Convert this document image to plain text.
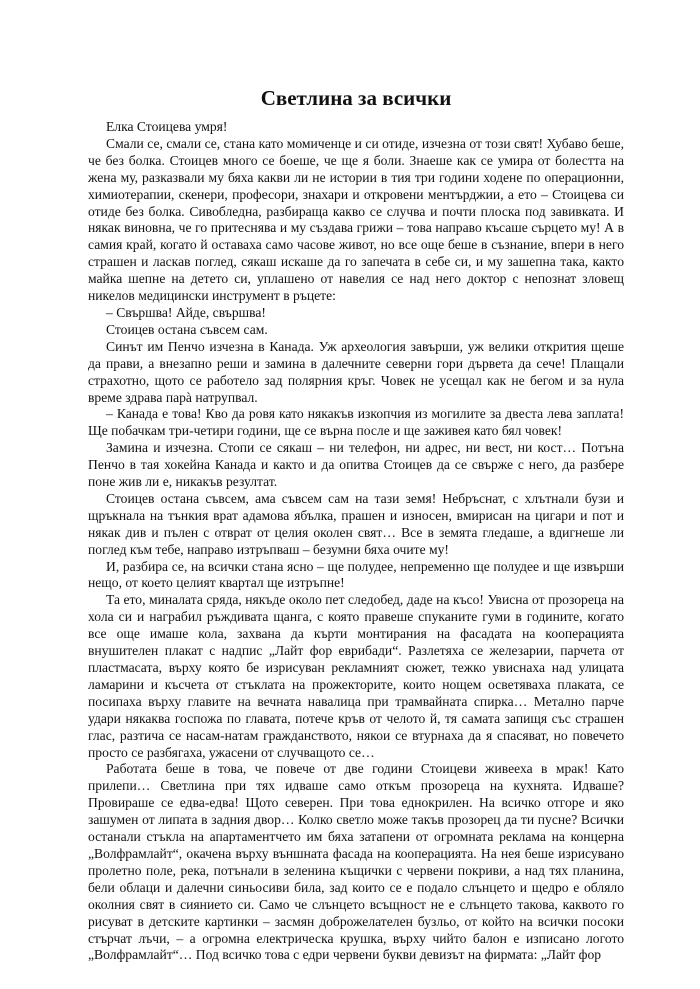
Светлина за всички

Елка Стоицева умря!

Смали се, смали се, стана като момиченце и си отиде, изчезна от този свят! Хубаво беше, че без болка. Стоицев много се боеше, че ще я боли. Знаеше как се умира от болестта на жена му, разказвали му бяха какви ли не истории в тия три години ходене по операционни, химиотерапии, скенери, професори, знахари и откровени ментърджии, а ето – Стоицева си отиде без болка. Сивобледна, разбираща какво се случва и почти плоска под завивката. И някак виновна, че го притеснява и му създава грижи – това направо късаше сърцето му! А в самия край, когато й оставаха само часове живот, но все още беше в съзнание, впери в него страшен и ласкав поглед, сякаш искаше да го запечата в себе си, и му зашепна така, както майка шепне на детето си, уплашено от навелия се над него доктор с непознат зловещ никелов медицински инструмент в ръцете:

– Свършва! Айде, свършва!

Стоицев остана съвсем сам.

Синът им Пенчо изчезна в Канада. Уж археология завърши, уж велики открития щеше да прави, а внезапно реши и замина в далечните северни гори дървета да сече! Плащали страхотно, щото се работело зад полярния кръг. Човек не усещал как не бегом и за нула време здрава парà натрупвал.

– Канада е това! Кво да ровя като някакъв изкопчия из могилите за двеста лева заплата! Ще побачкам три-четири години, ще се върна после и ще заживея като бял човек!

Замина и изчезна. Стопи се сякаш – ни телефон, ни адрес, ни вест, ни кост… Потъна Пенчо в тая хокейна Канада и както и да опитва Стоицев да се свърже с него, да разбере поне жив ли е, никакъв резултат.

Стоицев остана съвсем, ама съвсем сам на тази земя! Небръснат, с хлътнали бузи и щръкнала на тънкия врат адамова ябълка, прашен и износен, вмирисан на цигари и пот и някак див и пълен с отврат от целия околен свят… Все в земята гледаше, а вдигнеше ли поглед към тебе, направо изтръпваш – безумни бяха очите му!

И, разбира се, на всички стана ясно – ще полудее, непременно ще полудее и ще извърши нещо, от което целият квартал ще изтръпне!

Та ето, миналата сряда, някъде около пет следобед, даде на късо! Увисна от прозореца на хола си и награбил ръждивата щанга, с която правеше спуканите гуми в годините, когато все още имаше кола, захвана да кърти монтирания на фасадата на кооперацията внушителен плакат с надпис „Лайт фор еврибади“. Разлетяха се железарии, парчета от пластмасата, върху която бе изрисуван рекламният сюжет, тежко увиснаха над улицата ламарини и късчета от стъклата на прожекторите, които нощем осветяваха плаката, се посипаха върху главите на вечната навалица при трамвайната спирка… Метално парче удари някаква госпожа по главата, потече кръв от челото й, тя самата запищя със страшен глас, разтича се насам-натам гражданството, някои се втурнаха да я спасяват, но повечето просто се разбягаха, ужасени от случващото се…

Работата беше в това, че повече от две години Стоицеви живееха в мрак! Като прилепи… Светлина при тях идваше само откъм прозореца на кухнята. Идваше? Провираше се едва-едва! Щото северен. При това еднокрилен. На всичко отгоре и яко зашумен от липата в задния двор… Колко светло може такъв прозорец да ти пусне? Всички останали стъкла на апартаментчето им бяха затапени от огромната реклама на концерна „Волфрамлайт“, окачена върху външната фасада на кооперацията. На нея беше изрисувано пролетно поле, река, потънали в зеленина къщички с червени покриви, а над тях планина, бели облаци и далечни синьосиви била, зад които се е подало слънцето и щедро е обляло околния свят в сиянието си. Само че слънцето всъщност не е слънцето такова, каквото го рисуват в детските картинки – засмян доброжелателен бузльо, от който на всички посоки стърчат лъчи, – а огромна електрическа крушка, върху чийто балон е изписано логото „Волфрамлайт“… Под всичко това с едри червени букви девизът на фирмата: „Лайт фор
